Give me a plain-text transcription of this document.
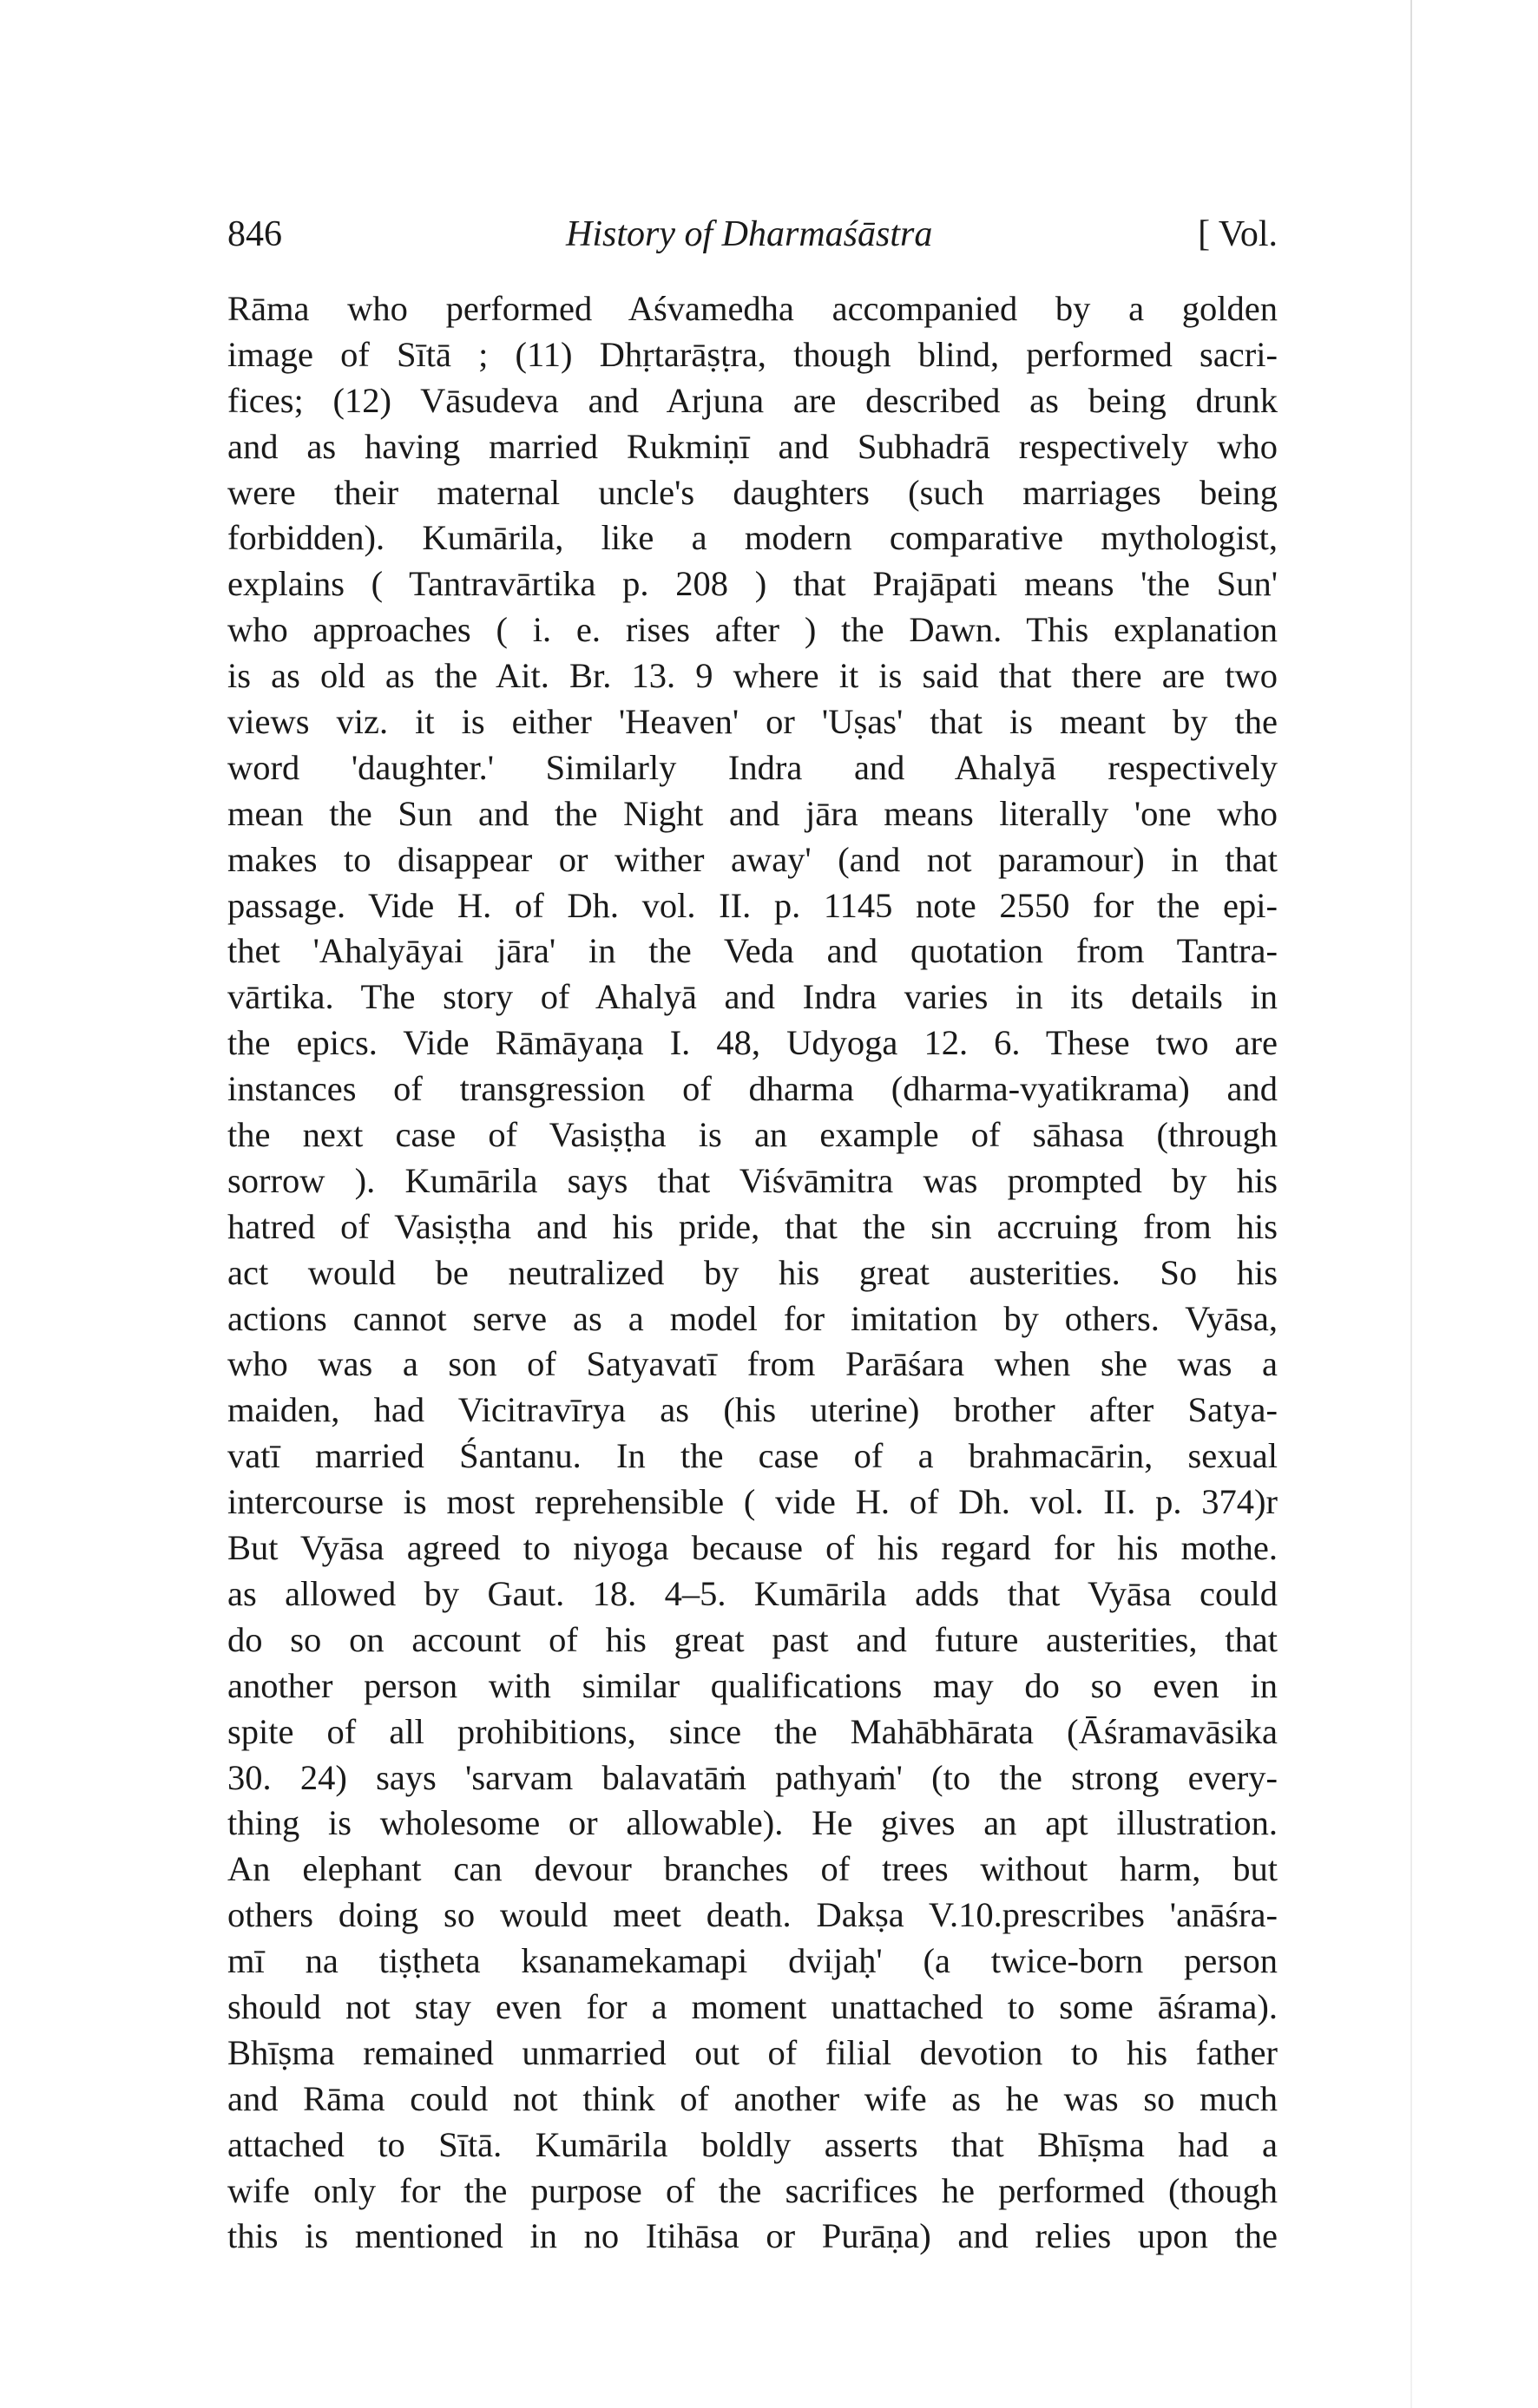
846	History of Dharmaśāstra	[ Vol.
Rāma who performed Aśvamedha accompanied by a golden
image of Sītā ; (11) Dhṛtarāṣṭra, though blind, performed sacri-
fices; (12) Vāsudeva and Arjuna are described as being drunk
and as having married Rukmiṇī and Subhadrā respectively who
were their maternal uncle's daughters (such marriages being
forbidden). Kumārila, like a modern comparative mythologist,
explains ( Tantravārtika p. 208 ) that Prajāpati means 'the Sun'
who approaches ( i. e. rises after ) the Dawn. This explanation
is as old as the Ait. Br. 13. 9 where it is said that there are two
views viz. it is either 'Heaven' or 'Uṣas' that is meant by the
word 'daughter.' Similarly Indra and Ahalyā respectively
mean the Sun and the Night and jāra means literally 'one who
makes to disappear or wither away' (and not paramour) in that
passage. Vide H. of Dh. vol. II. p. 1145 note 2550 for the epi-
thet 'Ahalyāyai jāra' in the Veda and quotation from Tantra-
vārtika. The story of Ahalyā and Indra varies in its details in
the epics. Vide Rāmāyaṇa I. 48, Udyoga 12. 6. These two are
instances of transgression of dharma (dharma-vyatikrama) and
the next case of Vasiṣṭha is an example of sāhasa (through
sorrow ). Kumārila says that Viśvāmitra was prompted by his
hatred of Vasiṣṭha and his pride, that the sin accruing from his
act would be neutralized by his great austerities. So his
actions cannot serve as a model for imitation by others. Vyāsa,
who was a son of Satyavatī from Parāśara when she was a
maiden, had Vicitravīrya as (his uterine) brother after Satya-
vatī married Śantanu. In the case of a brahmacārin, sexual
intercourse is most reprehensible ( vide H. of Dh. vol. II. p. 374)r
But Vyāsa agreed to niyoga because of his regard for his mothe.
as allowed by Gaut. 18. 4–5. Kumārila adds that Vyāsa could
do so on account of his great past and future austerities, that
another person with similar qualifications may do so even in
spite of all prohibitions, since the Mahābhārata (Āśramavāsika
30. 24) says 'sarvam balavatāṁ pathyaṁ' (to the strong every-
thing is wholesome or allowable). He gives an apt illustration.
An elephant can devour branches of trees without harm, but
others doing so would meet death. Dakṣa V.10.prescribes 'anāśra-
mī na tiṣṭheta ksanamekamapi dvijaḥ' (a twice-born person
should not stay even for a moment unattached to some āśrama).
Bhīṣma remained unmarried out of filial devotion to his father
and Rāma could not think of another wife as he was so much
attached to Sītā. Kumārila boldly asserts that Bhīṣma had a
wife only for the purpose of the sacrifices he performed (though
this is mentioned in no Itihāsa or Purāṇa) and relies upon the
